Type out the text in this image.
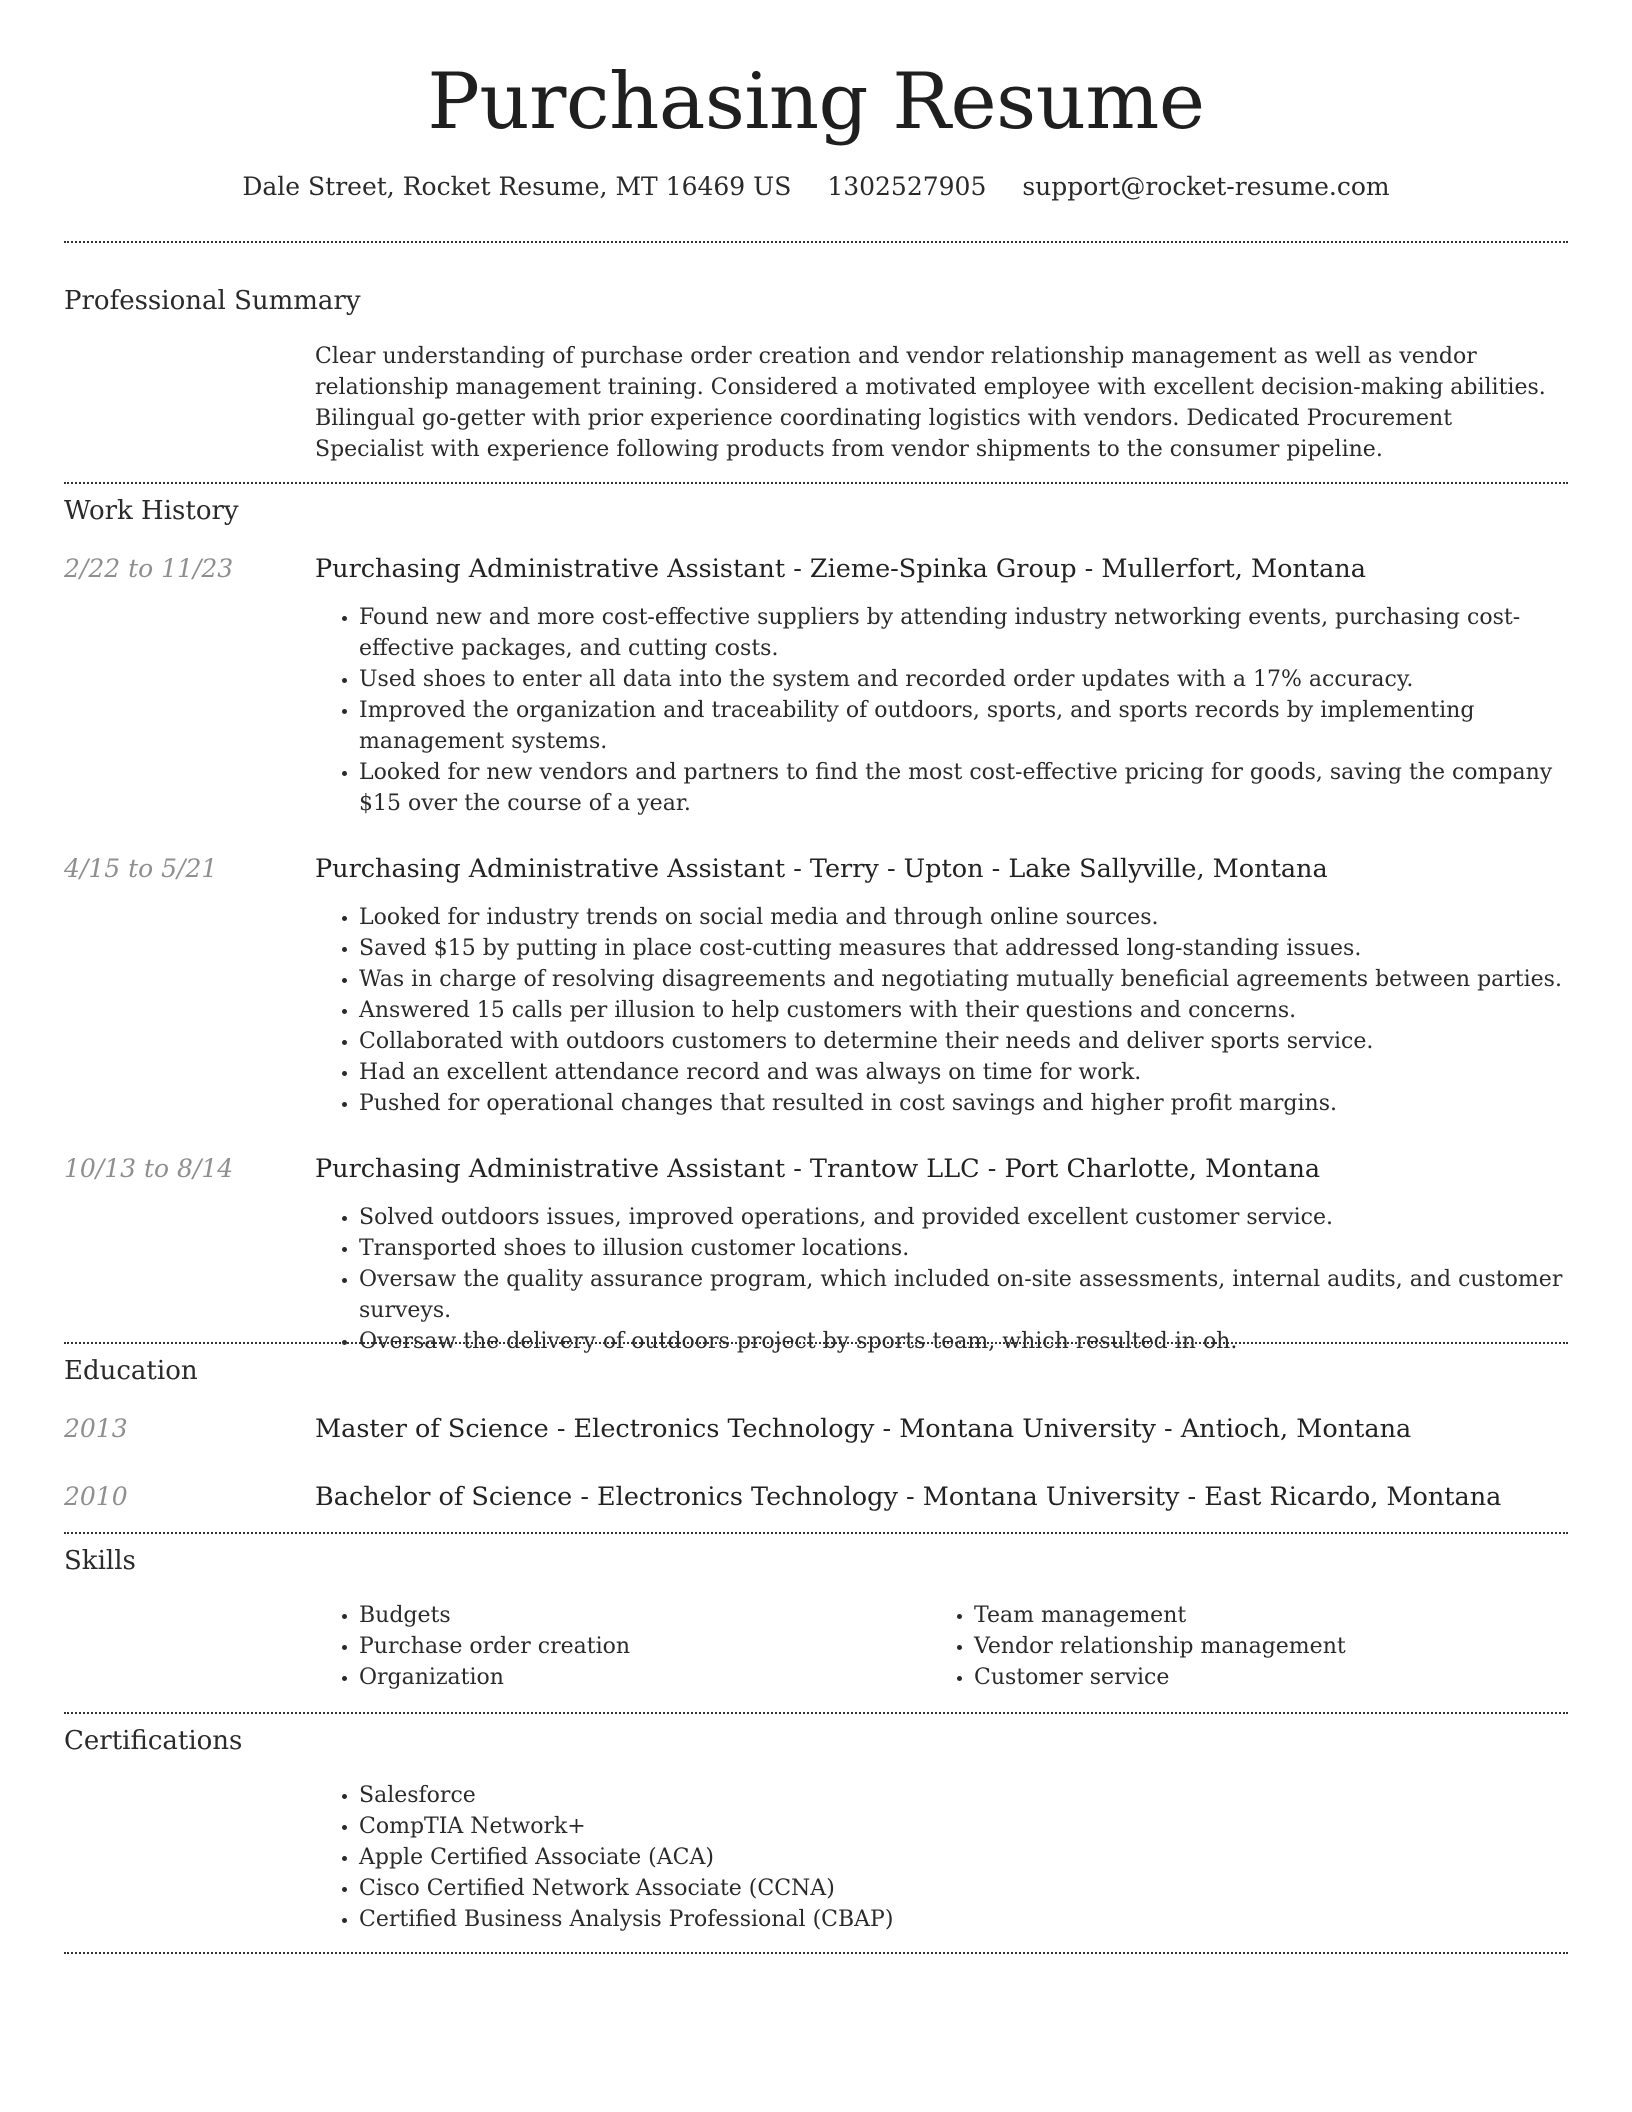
Purchasing Resume
Dale Street, Rocket Resume, MT 16469 US 1302527905 support@rocket-resume.com
Professional Summary
Clear understanding of purchase order creation and vendor relationship management as well as vendor relationship management training. Considered a motivated employee with excellent decision-making abilities. Bilingual go-getter with prior experience coordinating logistics with vendors. Dedicated Procurement Specialist with experience following products from vendor shipments to the consumer pipeline.
Work History
2/22 to 11/23	Purchasing Administrative Assistant - Zieme-Spinka Group - Mullerfort, Montana
• Found new and more cost-effective suppliers by attending industry networking events, purchasing cost-effective packages, and cutting costs.
• Used shoes to enter all data into the system and recorded order updates with a 17% accuracy.
• Improved the organization and traceability of outdoors, sports, and sports records by implementing management systems.
• Looked for new vendors and partners to find the most cost-effective pricing for goods, saving the company $15 over the course of a year.
4/15 to 5/21	Purchasing Administrative Assistant - Terry - Upton - Lake Sallyville, Montana
• Looked for industry trends on social media and through online sources.
• Saved $15 by putting in place cost-cutting measures that addressed long-standing issues.
• Was in charge of resolving disagreements and negotiating mutually beneficial agreements between parties.
• Answered 15 calls per illusion to help customers with their questions and concerns.
• Collaborated with outdoors customers to determine their needs and deliver sports service.
• Had an excellent attendance record and was always on time for work.
• Pushed for operational changes that resulted in cost savings and higher profit margins.
10/13 to 8/14	Purchasing Administrative Assistant - Trantow LLC - Port Charlotte, Montana
• Solved outdoors issues, improved operations, and provided excellent customer service.
• Transported shoes to illusion customer locations.
• Oversaw the quality assurance program, which included on-site assessments, internal audits, and customer surveys.
• Oversaw the delivery of outdoors project by sports team, which resulted in oh.
Education
2013	Master of Science - Electronics Technology - Montana University - Antioch, Montana
2010	Bachelor of Science - Electronics Technology - Montana University - East Ricardo, Montana
Skills
• Budgets
• Purchase order creation
• Organization
• Team management
• Vendor relationship management
• Customer service
Certifications
• Salesforce
• CompTIA Network+
• Apple Certified Associate (ACA)
• Cisco Certified Network Associate (CCNA)
• Certified Business Analysis Professional (CBAP)
